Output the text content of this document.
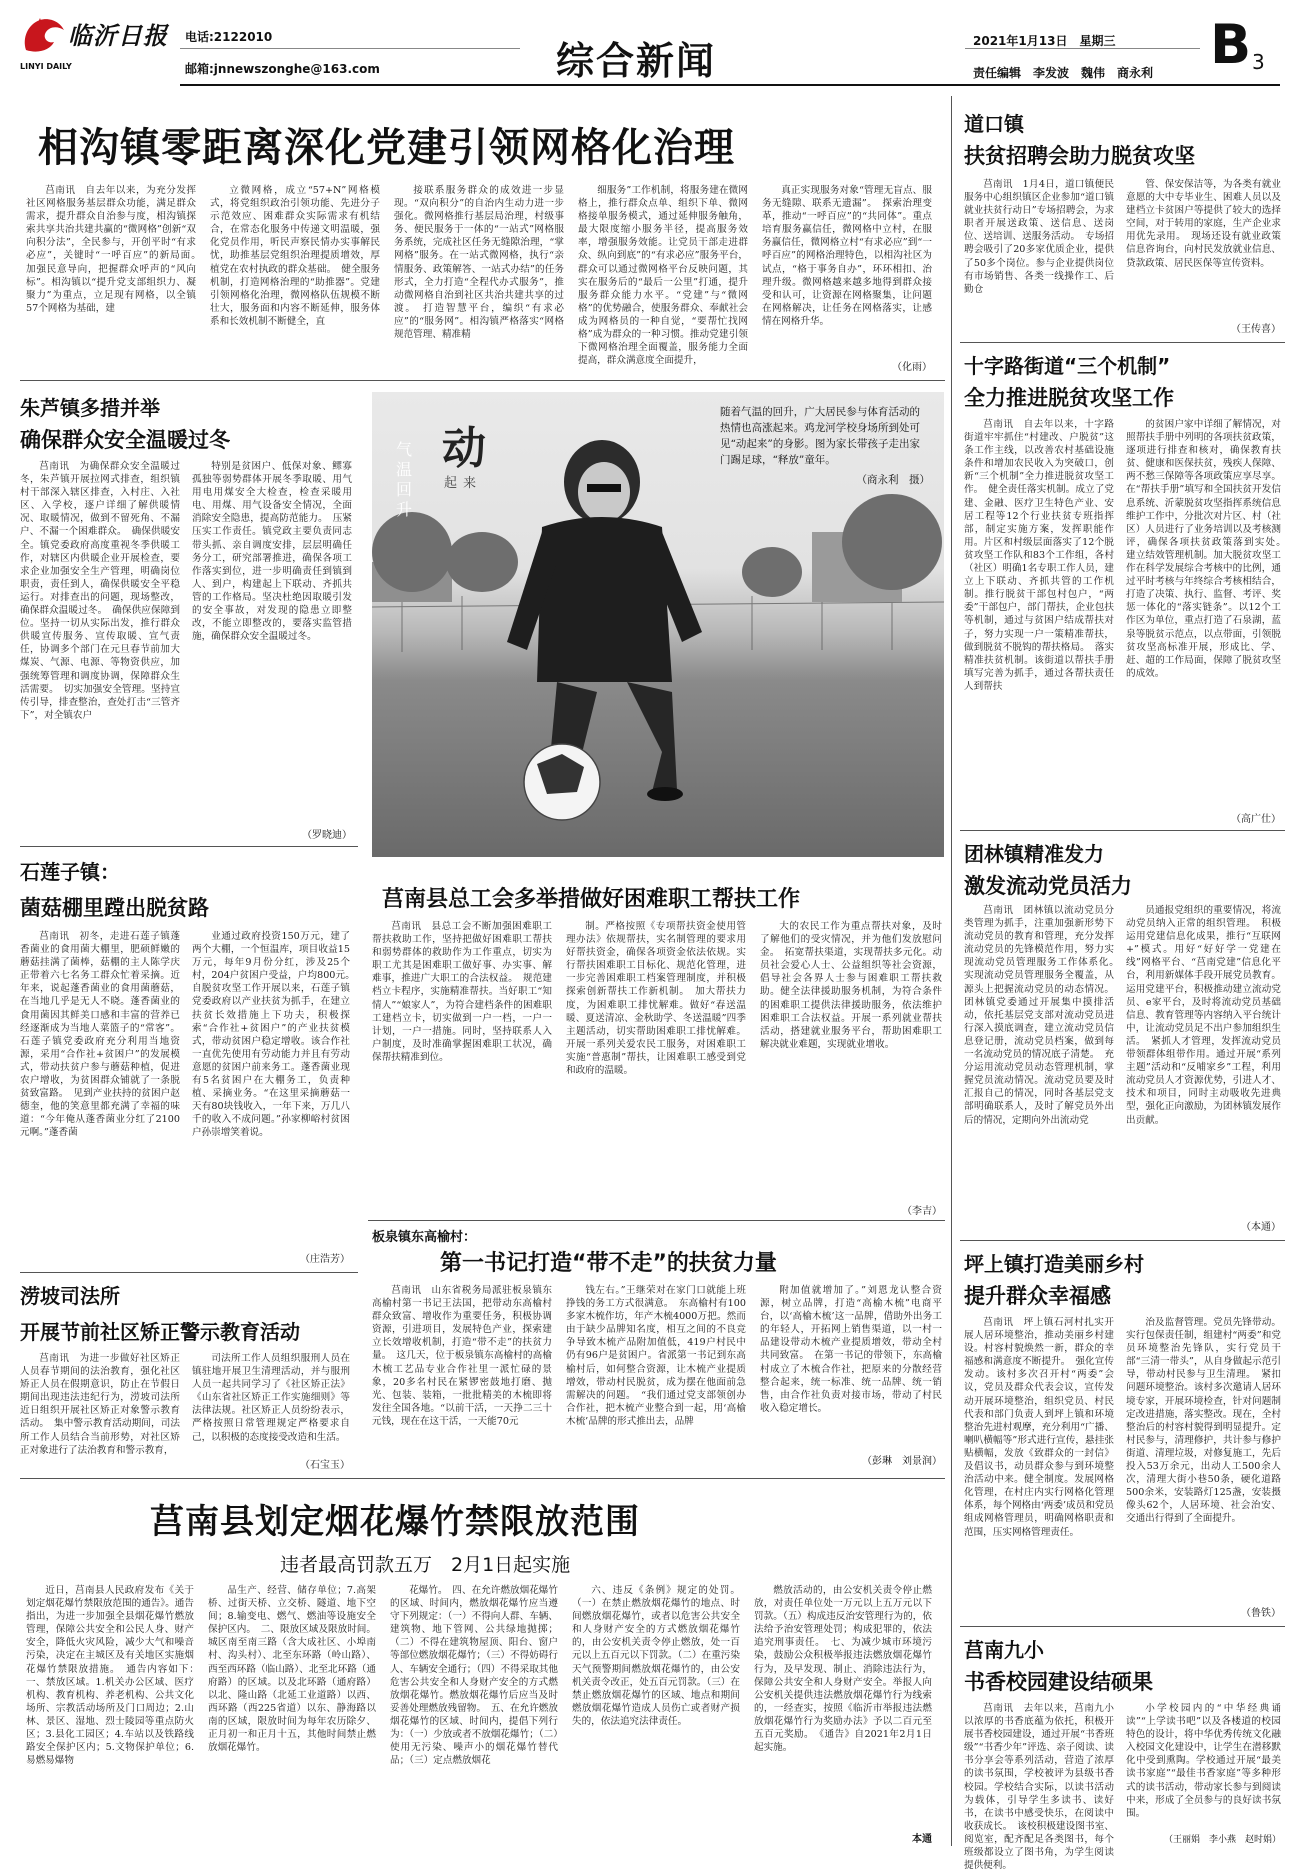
临沂日报
LINYI DAILY
电话:2122010
邮箱:jnnewszonghe@163.com	综合新闻	2021年1月13日　星期三
责任编辑　李发波　魏伟　商永利 B 3
相沟镇零距离深化党建引领网格化治理

莒南讯　自去年以来，为充分发挥社区网格服务基层群众功能，满足群众需求，提升群众自治参与度，相沟镇探索共享共治共建共赢的“微网格”创新“双向积分法”，全民参与，开创平时“有求必应”，关键时“一呼百应”的新局面。　加强民意导向，把握群众呼声的“风向标”。相沟镇以“提升党支部组织力、凝聚力”为重点，立足现有网格，以全镇57个网格为基础，建

立微网格，成立“57+N”网格模式，将党组织政治引领功能、先进分子示范效应、困难群众实际需求有机结合，在常态化服务中传递文明温暖，强化党员作用，听民声察民情办实事解民忧，助推基层党组织治理提质增效，厚植党在农村执政的群众基础。　健全服务机制，打造网格治理的“助推器”。党建引领网格化治理，微网格队伍规模不断壮大，服务面和内容不断延伸，服务体系和长效机制不断健全，直

接联系服务群众的成效进一步显现。“双向积分”的自治内生动力进一步强化。微网格推行基层局治理，村级事务、便民服务于一体的“一站式”网格服务系统，完成社区任务无缝隙治理，“掌网格”服务。在一站式微网格，执行“亲情服务、政策解答、一站式办结”的任务形式，全力打造“全程代办式服务”，推动微网格自治到社区共治共建共享的过渡。　打造智慧平台，编织“有求必应”的“服务网”。相沟镇严格落实“网格规范管理、精准精

细服务”工作机制，将服务建在微网格上，推行群众点单、组织下单、微网格接单服务模式，通过延伸服务触角，最大限度缩小服务半径，提高服务效率，增强服务效能。让党员干部走进群众、纵向到底”的“有求必应”服务平台，群众可以通过微网格平台反映问题，其实在服务后的“最后一公里”打通，提升服务群众能力水平。“党建”与“微网格”的优势融合，使服务群众、奉献社会成为网格员的一种自觉，“要帮忙找网格”成为群众的一种习惯。推动党建引领下微网格治理全面覆盖，服务能力全面提高，群众满意度全面提升，

真正实现服务对象“管理无盲点、服务无缝隙、联系无遗漏”。　探索治理变革，推动“一呼百应”的“共同体”。重点培育服务赢信任，微网格中立村，在服务赢信任，微网格立村“有求必应”到“一呼百应”的网格治理特色，以相沟社区为试点，“格于事务自办”，环环相扣、治理升级。微网格越来越多地得到群众接受和认可，让资源在网格聚集，让问题在网格解决，让任务在网格落实，让感情在网格升华。

（化雨）
道口镇
扶贫招聘会助力脱贫攻坚

莒南讯　1月4日，道口镇便民服务中心组织镇区企业参加“道口镇就业扶贫行动日”专场招聘会，为求职者开展送政策、送信息、送岗位、送培训、送服务活动。　专场招聘会吸引了20多家优质企业，提供了50多个岗位。参与企业提供岗位有市场销售、各类一线操作工、后勤仓

管、保安保洁等，为各类有就业意愿的大中专毕业生、困难人员以及建档立卡贫困户等提供了较大的选择空间，对于转用的家庭，生产企业求用优先录用。　现场还设有就业政策信息咨询台，向村民发放就业信息、贷款政策、居民医保等宣传资料。

（王传喜）
十字路街道“三个机制”
全力推进脱贫攻坚工作

莒南讯　自去年以来，十字路街道牢牢抓住“村建改、户脱贫”这条工作主线，以改善农村基础设施条件和增加农民收入为突破口，创新“三个机制”全力推进脱贫攻坚工作。　健全责任落实机制。成立了党建、金融、医疗卫生特色产业、安居工程等12个行业扶贫专班指挥部，制定实施方案，发挥职能作用。片区和村级层面落实了12个脱贫攻坚工作队和83个工作组，各村（社区）明确1名专职工作人员，建立上下联动、齐抓共管的工作机制。推行脱贫干部包村包户，“两委”干部包户，部门帮扶，企业包扶等机制，通过与贫困户结成帮扶对子，努力实现一户一策精准帮扶，做到脱贫不脱钩的帮扶格局。　落实精准扶贫机制。该街道以帮扶手册填写完善为抓手，通过各帮扶责任人到帮扶

的贫困户家中详细了解情况，对照帮扶手册中列明的各项扶贫政策，逐项进行排查和核对，确保教育扶贫、健康和医保扶贫，残疾人保障、两不愁三保障等各项政策应享尽享。在“帮扶手册”填写和全国扶贫开发信息系统、沂蒙脱贫攻坚指挥系统信息维护工作中，分批次对片区、村（社区）人员进行了业务培训以及考核测评，确保各项扶贫政策落到实处。　建立结效管理机制。加大脱贫攻坚工作在科学发展综合考核中的比例，通过平时考核与年终综合考核相结合，打造了决策、执行、监督、考评、奖惩一体化的“落实链条”。以12个工作区为单位，重点打造了石泉湖，蓝泉等脱贫示范点，以点带面，引领脱贫攻坚高标准开展，形成比、学、赶、超的工作局面，保障了脱贫攻坚的成效。

（高广仕）
团林镇精准发力
激发流动党员活力

莒南讯　团林镇以流动党员分类管理为抓手，注重加强新形势下流动党员的教育和管理，充分发挥流动党员的先锋模范作用，努力实现流动党员管理服务工作体系化。　实现流动党员管理服务全覆盖，从源头上把握流动党员的动态情况。团林镇党委通过开展集中摸排活动，依托基层党支部对流动党员进行深入摸底调查，建立流动党员信息登记册，流动党员档案，做到每一名流动党员的情况底子清楚。　充分运用流动党员动态管理机制，掌握党员流动情况。流动党员要及时汇报自己的情况，同时各基层党支部明确联系人，及时了解党员外出后的情况，定期向外出流动党

员通报党组织的重要情况，将流动党员纳入正常的组织管理。　积极运用党建信息化成果，推行“互联网+”模式。用好“好好学一党建在线”网格平台、“莒南党建”信息化平台，利用新媒体手段开展党员教育。运用党建平台，积极推动建立流动党员、e家平台，及时将流动党员基础信息、教育管理等内容纳入平台统计中，让流动党员足不出户参加组织生活。　紧抓人才管理，发挥流动党员带领群体组带作用。通过开展“系列主题”活动和“反哺家乡”工程，利用流动党员人才资源优势，引进人才、技术和项目，同时主动吸收先进典型，强化正向激励，为团林镇发展作出贡献。

（本通）
坪上镇打造美丽乡村
提升群众幸福感

莒南讯　坪上镇石河村扎实开展人居环境整治，推动美丽乡村建设。村容村貌焕然一新，群众的幸福感和满意度不断提升。　强化宣传发动。该村多次召开村“两委”会议，党员及群众代表会议，宣传发动开展环境整治，组织党员、村民代表和部门负责人到坪上镇和环境整治先进村观摩，充分利用“广播、喇叭横幅等”形式进行宣传，悬挂张贴横幅，发放《致群众的一封信》及倡议书，动员群众参与到环境整治活动中来。健全制度。发展网格化管理，在村庄内实行网格化管理体系，每个网格由‘两委’成员和党员组成网格管理员，明确网格职责和范围，压实网格管理责任。

治及监督管理。党员先锋带动。实行包保责任制，组建村“两委”和党员环境整治先锋队，实行党员干部“三清一带头”，从自身做起示范引导，带动村民参与卫生清理。　紧扣问题环境整治。该村多次邀请人居环境专家，开展环境检查，针对问题制定改进措施，落实整改。现在，全村整治后的村容村貌得到明显提升。定村民参与，清理修护，共计参与修护街道、清理垃圾，对修复施工，先后投入53万余元，出动人工500余人次，清理大街小巷50条，硬化道路500余米，安装路灯125盏，安装摄像头62个，人居环境、社会治安、交通出行得到了全面提升。

（鲁铁）
莒南九小
书香校园建设结硕果

莒南讯　去年以来，莒南九小以浓厚的书香底蕴为依托，积极开展书香校园建设，通过开展“书香班级”“书香少年”评选、亲子阅读、读书分享会等系列活动，营造了浓厚的读书氛围，学校被评为县级书香校园。学校结合实际，以读书活动为载体，引导学生多读书、读好书，在读书中感受快乐，在阅读中收获成长。　该校积极建设图书室、阅览室，配齐配足各类图书，每个班级都设立了图书角，为学生阅读提供便利。

小学校园内的“中华经典诵读”“上学读书吧”以及各楼道的校园特色的设计，将中华优秀传统文化融入校园文化建设中，让学生在潜移默化中受到熏陶。学校通过开展“最美读书家庭”“最佳书香家庭”等多种形式的读书活动，带动家长参与到阅读中来，形成了全员参与的良好读书氛围。

（王丽娟　李小燕　赵时娟）
朱芦镇多措并举
确保群众安全温暖过冬

莒南讯　为确保群众安全温暖过冬，朱芦镇开展拉网式排查，组织镇村干部深入辖区排查，入村庄、入社区、入学校，逐户详细了解供暖情况、取暖情况，做到不留死角、不漏户、不漏一个困难群众。　确保供暖安全。镇党委政府高度重视冬季供暖工作，对辖区内供暖企业开展检查，要求企业加强安全生产管理，明确岗位职责，责任到人，确保供暖安全平稳运行。对排查出的问题，现场整改，确保群众温暖过冬。　确保供应保障到位。坚持一切从实际出发，推行群众供暖宣传服务、宣传取暖、宣气责任，协调多个部门在元旦春节前加大煤炭、气源、电源、等物资供应，加强统筹管理和调度协调，保障群众生活需要。　切实加强安全管理。坚持宣传引导，排查整治，查处打击“三管齐下”，对全镇农户

特别是贫困户、低保对象、鳏寡孤独等弱势群体开展冬季取暖、用气用电用煤安全大检查，检查采暖用电、用煤、用气设备安全情况，全面消除安全隐患，提高防范能力。　压紧压实工作责任。镇党政主要负责同志带头抓、亲自调度安排，层层明确任务分工，研究部署推进，确保各项工作落实到位，进一步明确责任到镇到人、到户，构建起上下联动、齐抓共管的工作格局。坚决杜绝因取暖引发的安全事故，对发现的隐患立即整改，不能立即整改的，要落实监管措施，确保群众安全温暖过冬。

（罗晓迪）
气温回升
动
起来
随着气温的回升，广大居民参与体育活动的热情也高涨起来。鸡龙河学校身场所到处可见“动起来”的身影。图为家长带孩子走出家门踢足球，“释放”童年。
（商永利　摄）
石莲子镇：
菌菇棚里蹚出脱贫路

莒南讯　初冬，走进石莲子镇蓬香菌业的食用菌大棚里，肥硕鲜嫩的蘑菇挂满了菌棒，菇棚的主人陈学庆正带着六七名务工群众忙着采摘。近年来，说起蓬香菌业的食用菌蘑菇，在当地几乎是无人不晓。蓬香菌业的食用菌因其鲜美口感和丰富的营养已经逐渐成为当地人菜篮子的“常客”。石莲子镇党委政府充分利用当地资源，采用“合作社+贫困户”的发展模式，带动扶贫户参与蘑菇种植，促进农户增收，为贫困群众铺就了一条脱贫致富路。　见到产业扶持的贫困户赵德奎，他的笑意里都充满了幸福的味道：“今年俺从蓬香菌业分红了2100元啊。”蓬香菌

业通过政府投资150万元，建了两个大棚，一个恒温库，项目收益15万元，每年9月份分红，涉及25个村，204户贫困户受益，户均800元。　自脱贫攻坚工作开展以来，石莲子镇党委政府以产业扶贫为抓手，在建立扶贫长效措施上下功夫，积极探索“合作社+贫困户”的产业扶贫模式，带动贫困户稳定增收。该合作社一直优先使用有劳动能力并且有劳动意愿的贫困户前来务工。蓬香菌业现有5名贫困户在大棚务工，负责种植、采摘业务。“在这里采摘蘑菇一天有80块钱收入，一年下来，万几八千的收入不成问题。”孙家柳峪村贫困户孙崇增笑着说。

（庄浩芳）
莒南县总工会多举措做好困难职工帮扶工作

莒南讯　县总工会不断加强困难职工帮扶救助工作，坚持把做好困难职工帮扶和弱势群体的救助作为工作重点，切实为职工尤其是困难职工做好事、办实事、解难事，推进广大职工的合法权益。　规范建档立卡程序，实施精准帮扶。当好职工“知情人”“娘家人”，为符合建档条件的困难职工建档立卡，切实做到一户一档，一户一计划，一户一措施。同时，坚持联系人入户制度，及时准确掌握困难职工状况，确保帮扶精准到位。

制。严格按照《专项帮扶资金使用管理办法》依规帮扶，实名制管理的要求用好帮扶资金，确保各项资金依法依规。实行帮扶困难职工目标化、规范化管理，进一步完善困难职工档案管理制度，并积极探索创新帮扶工作新机制。　加大帮扶力度，为困难职工排忧解难。做好“春送温暖、夏送清凉、金秋助学、冬送温暖”四季主题活动，切实帮助困难职工排忧解难。开展一系列关爱农民工服务，对困难职工实施“普惠制”帮扶，让困难职工感受到党和政府的温暖。

大的农民工作为重点帮扶对象，及时了解他们的受灾情况，并为他们发放慰问金。　拓宽帮扶渠道，实现帮扶多元化。动员社会爱心人士、公益组织等社会资源，倡导社会各界人士参与困难职工帮扶救助。健全法律援助服务机制，为符合条件的困难职工提供法律援助服务，依法维护困难职工合法权益。开展一系列就业帮扶活动，搭建就业服务平台，帮助困难职工解决就业难题，实现就业增收。

（李吉）
板泉镇东高榆村：
第一书记打造“带不走”的扶贫力量

莒南讯　山东省税务局派驻板泉镇东高榆村第一书记王法国，把带动东高榆村群众致富、增收作为重要任务，积极协调资源，引进项目，发展特色产业，探索建立长效增收机制，打造“带不走”的扶贫力量。　这几天，位于板泉镇东高榆村的高榆木梳工艺品专业合作社里一派忙碌的景象，20多名村民在紧锣密鼓地打磨、抛光、包装、装箱，一批批精美的木梳即将发往全国各地。“以前干活，一天挣二三十元钱，现在在这干活，一天能70元

钱左右。”王继荣对在家门口就能上班挣钱的务工方式很满意。　东高榆村有100多家木梳作坊，年产木梳4000万把。然而由于缺少品牌知名度，相互之间的不良竞争导致木梳产品附加值低，419户村民中仍有96户是贫困户。省派第一书记到东高榆村后，如何整合资源，让木梳产业提质增效，带动村民脱贫，成为摆在他面前急需解决的问题。　“我们通过党支部领创办合作社，把木梳产业整合到一起，用‘高榆木梳’品牌的形式推出去，品牌

附加值就增加了。”刘恩龙认整合资源，树立品牌，打造“高榆木梳”电商平台，以‘高榆木梳’这一品牌，借助外出务工的年轻人，开拓网上销售渠道，以一村一品建设带动木梳产业提质增效，带动全村共同致富。　在第一书记的带领下，东高榆村成立了木梳合作社，把原来的分散经营整合起来，统一标准、统一品牌、统一销售，由合作社负责对接市场，带动了村民收入稳定增长。

（彭琳　刘景润）
涝坡司法所
开展节前社区矫正警示教育活动

莒南讯　为进一步做好社区矫正人员春节期间的法治教育，强化社区矫正人员在假期意识，防止在节假日期间出现违法违纪行为，涝坡司法所近日组织开展社区矫正对象警示教育活动。　集中警示教育活动期间，司法所工作人员结合当前形势，对社区矫正对象进行了法治教育和警示教育，

司法所工作人员组织服刑人员在镇驻地开展卫生清理活动，并与服刑人员一起共同学习了《社区矫正法》《山东省社区矫正工作实施细则》等法律法规。社区矫正人员纷纷表示，严格按照日常管理规定严格要求自己，以积极的态度接受改造和生活。

（石宝玉）
莒南县划定烟花爆竹禁限放范围
违者最高罚款五万　2月1日起实施

近日，莒南县人民政府发布《关于划定烟花爆竹禁限放范围的通告》。通告指出，为进一步加强全县烟花爆竹燃放管理，保障公共安全和公民人身、财产安全，降低火灾风险，减少大气和噪音污染，决定在主城区及有关地区实施烟花爆竹禁限放措施。　通告内容如下：　一、禁放区域。1.机关办公区域、医疗机构、教育机构、养老机构、公共文化场所、宗教活动场所及门口周边；2.山林、景区、湿地、烈士陵园等重点防火区；3.县化工园区；4.车站以及铁路线路安全保护区内；5.文物保护单位；6.易燃易爆物

品生产、经营、储存单位；7.高架桥、过街天桥、立交桥、隧道、地下空间；8.输变电、燃气、燃油等设施安全保护区内。　二、限放区域及限放时间。城区南至南三路（含大成社区、小埠南村、沟头村）、北至东环路（岭山路）、西至西环路（临山路）、北至北环路（通府路）的区域。以及北环路（通府路）以北、隆山路（北延工业道路）以西、西环路（西225省道）以东、静海路以南的区域，限放时间为每年农历除夕、正月初一和正月十五，其他时间禁止燃放烟花爆竹。

花爆竹。　四、在允许燃放烟花爆竹的区域、时间内，燃放烟花爆竹应当遵守下列规定：（一）不得向人群、车辆、建筑物、地下管网、公共绿地抛掷；（二）不得在建筑物屋顶、阳台、窗户等部位燃放烟花爆竹；（三）不得妨碍行人、车辆安全通行；（四）不得采取其他危害公共安全和人身财产安全的方式燃放烟花爆竹。燃放烟花爆竹后应当及时妥善处理燃放残留物。　五、在允许燃放烟花爆竹的区域、时间内，提倡下列行为：（一）少放或者不放烟花爆竹；（二）使用无污染、噪声小的烟花爆竹替代品；（三）定点燃放烟花

六、违反《条例》规定的处罚。（一）在禁止燃放烟花爆竹的地点、时间燃放烟花爆竹，或者以危害公共安全和人身财产安全的方式燃放烟花爆竹的，由公安机关责令停止燃放，处一百元以上五百元以下罚款。（二）在重污染天气预警期间燃放烟花爆竹的，由公安机关责令改正，处五百元罚款。（三）在禁止燃放烟花爆竹的区域、地点和期间燃放烟花爆竹造成人员伤亡或者财产损失的，依法追究法律责任。

燃放活动的，由公安机关责令停止燃放，对责任单位处一万元以上五万元以下罚款。（五）构成违反治安管理行为的，依法给予治安管理处罚；构成犯罪的，依法追究刑事责任。　七、为减少城市环境污染，鼓励公众积极举报违法燃放烟花爆竹行为，及早发现、制止、消除违法行为，保障公共安全和人身财产安全。举报人向公安机关提供违法燃放烟花爆竹行为线索的，一经查实，按照《临沂市举报违法燃放烟花爆竹行为奖励办法》予以二百元至五百元奖励。　《通告》自2021年2月1日起实施。

本通
